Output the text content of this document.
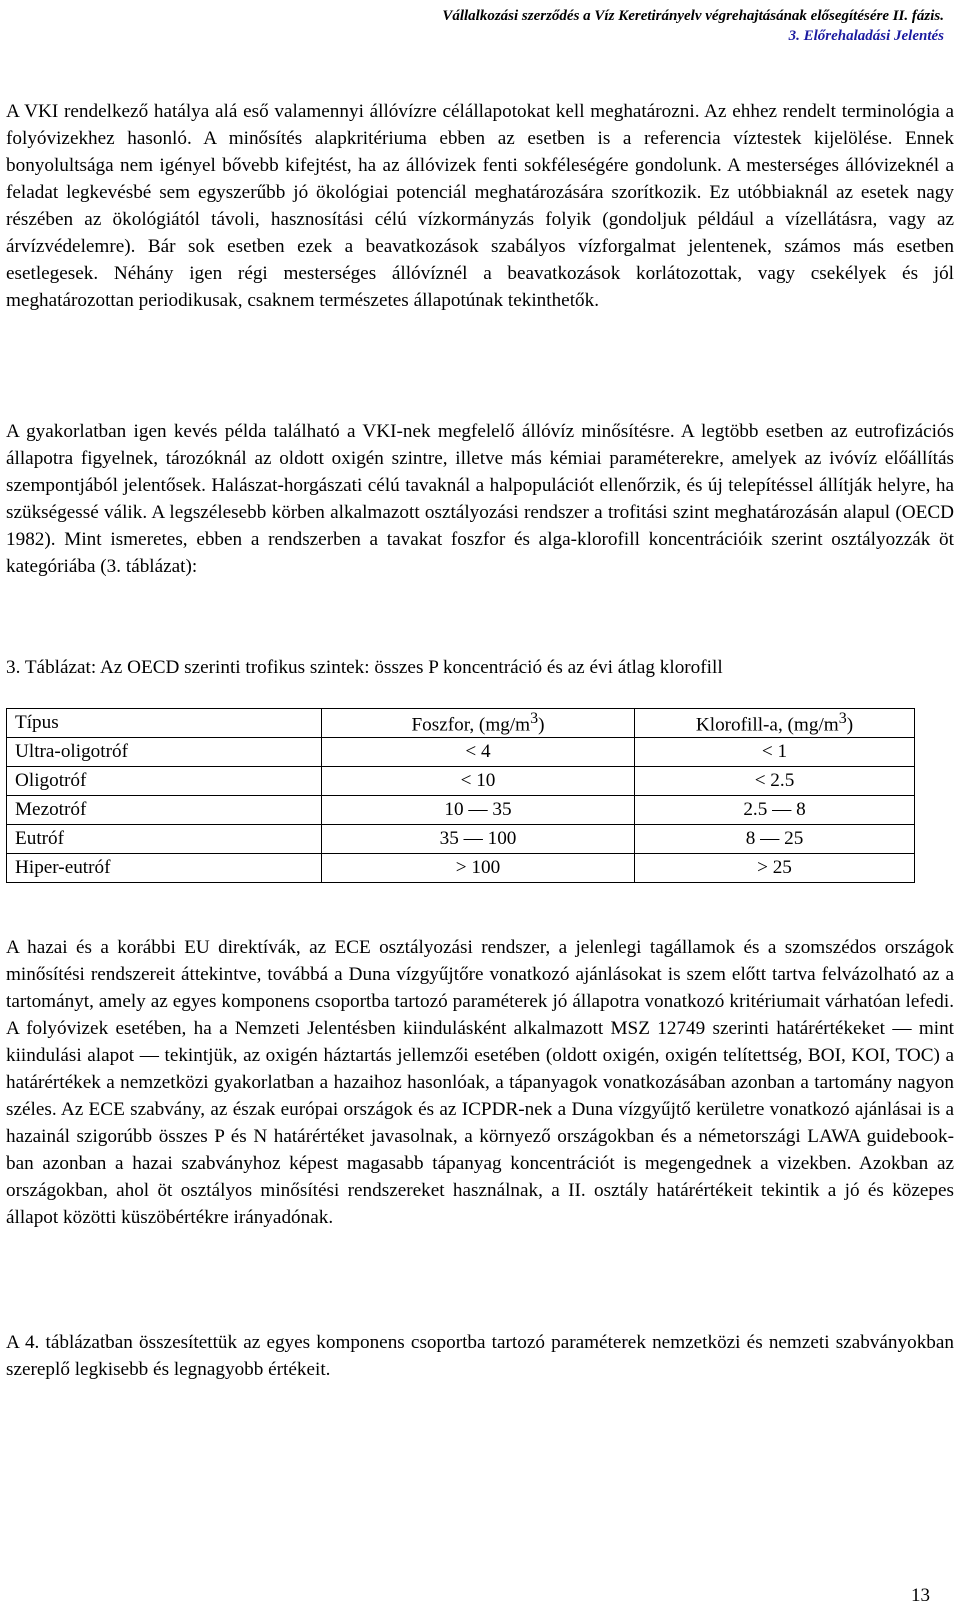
Vállalkozási szerződés a Víz Keretirányelv végrehajtásának elősegítésére II. fázis.
3. Előrehaladási Jelentés

A VKI rendelkező hatálya alá eső valamennyi állóvízre célállapotokat kell meghatározni. Az ehhez rendelt terminológia a folyóvizekhez hasonló. A minősítés alapkritériuma ebben az esetben is a referencia víztestek kijelölése. Ennek bonyolultsága nem igényel bővebb kifejtést, ha az állóvizek fenti sokféleségére gondolunk. A mesterséges állóvizeknél a feladat legkevésbé sem egyszerűbb jó ökológiai potenciál meghatározására szorítkozik. Ez utóbbiaknál az esetek nagy részében az ökológiától távoli, hasznosítási célú vízkormányzás folyik (gondoljuk például a vízellátásra, vagy az árvízvédelemre). Bár sok esetben ezek a beavatkozások szabályos vízforgalmat jelentenek, számos más esetben esetlegesek. Néhány igen régi mesterséges állóvíznél a beavatkozások korlátozottak, vagy csekélyek és jól meghatározottan periodikusak, csaknem természetes állapotúnak tekinthetők.

A gyakorlatban igen kevés példa található a VKI-nek megfelelő állóvíz minősítésre. A legtöbb esetben az eutrofizációs állapotra figyelnek, tározóknál az oldott oxigén szintre, illetve más kémiai paraméterekre, amelyek az ivóvíz előállítás szempontjából jelentősek. Halászat-horgászati célú tavaknál a halpopulációt ellenőrzik, és új telepítéssel állítják helyre, ha szükségessé válik. A legszélesebb körben alkalmazott osztályozási rendszer a trofitási szint meghatározásán alapul (OECD 1982). Mint ismeretes, ebben a rendszerben a tavakat foszfor és alga-klorofill koncentrációik szerint osztályozzák öt kategóriába (3. táblázat):

3. Táblázat: Az OECD szerinti trofikus szintek: összes P koncentráció és az évi átlag klorofill

Típus	Foszfor, $(mg/m^3)$	Klorofill-a, $(mg/m^3)$
Ultra-oligotróf	< 4	< 1
Oligotróf	< 10	< 2.5
Mezotróf	10 — 35	2.5 — 8
Eutróf	35 — 100	8 — 25
Hiper-eutróf	> 100	> 25

A hazai és a korábbi EU direktívák, az ECE osztályozási rendszer, a jelenlegi tagállamok és a szomszédos országok minősítési rendszereit áttekintve, továbbá a Duna vízgyűjtőre vonatkozó ajánlásokat is szem előtt tartva felvázolható az a tartományt, amely az egyes komponens csoportba tartozó paraméterek jó állapotra vonatkozó kritériumait várhatóan lefedi. A folyóvizek esetében, ha a Nemzeti Jelentésben kiindulásként alkalmazott MSZ 12749 szerinti határértékeket — mint kiindulási alapot — tekintjük, az oxigén háztartás jellemzői esetében (oldott oxigén, oxigén telítettség, BOI, KOI, TOC) a határértékek a nemzetközi gyakorlatban a hazaihoz hasonlóak, a tápanyagok vonatkozásában azonban a tartomány nagyon széles. Az ECE szabvány, az észak európai országok és az ICPDR-nek a Duna vízgyűjtő kerületre vonatkozó ajánlásai is a hazainál szigorúbb összes P és N határértéket javasolnak, a környező országokban és a németországi LAWA guidebook-ban azonban a hazai szabványhoz képest magasabb tápanyag koncentrációt is megengednek a vizekben. Azokban az országokban, ahol öt osztályos minősítési rendszereket használnak, a II. osztály határértékeit tekintik a jó és közepes állapot közötti küszöbértékre irányadónak.

A 4. táblázatban összesítettük az egyes komponens csoportba tartozó paraméterek nemzetközi és nemzeti szabványokban szereplő legkisebb és legnagyobb értékeit.

13
